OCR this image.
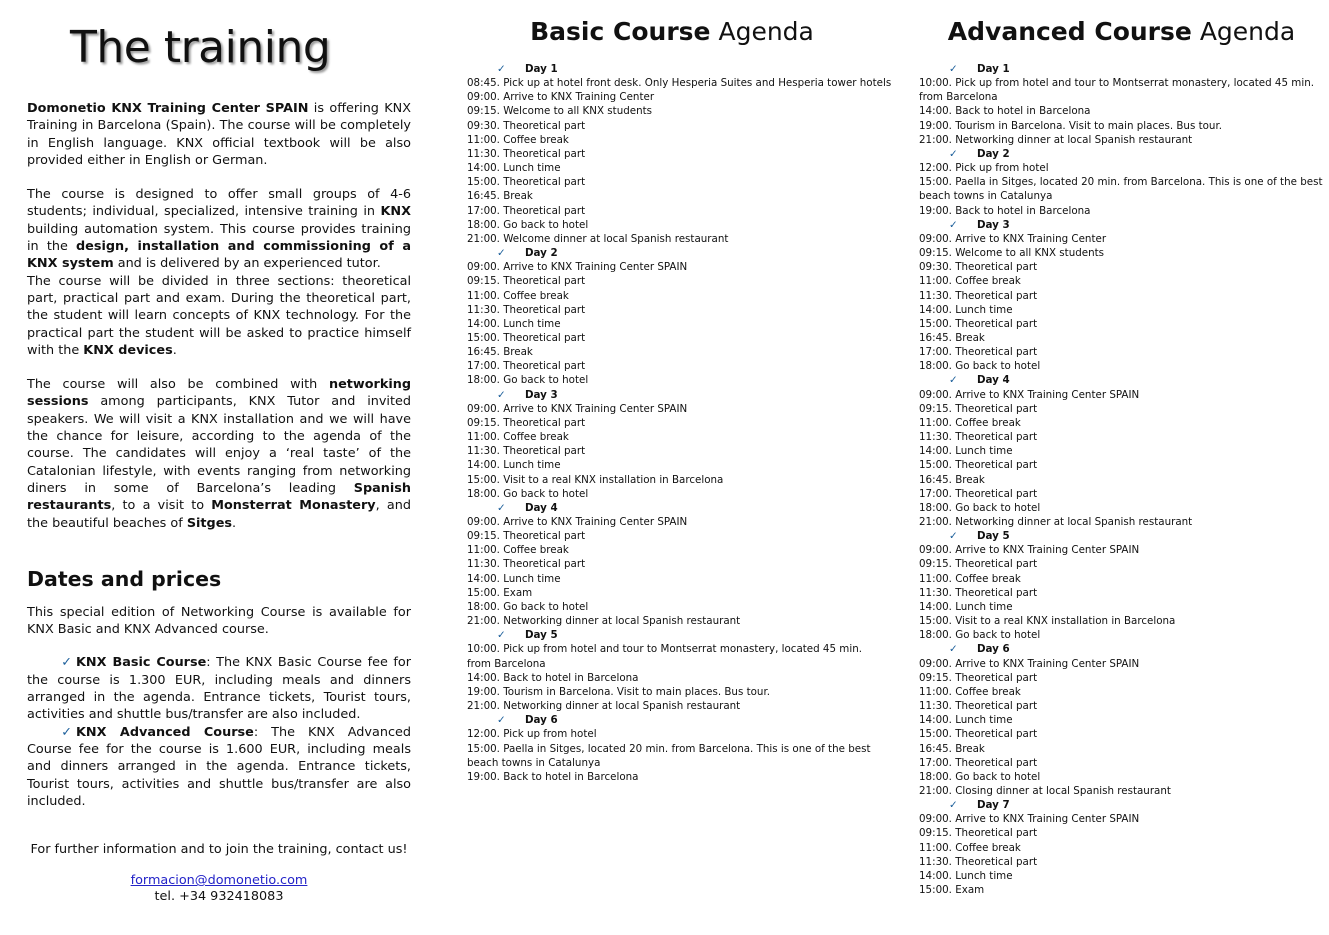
The training

Domonetio KNX Training Center SPAIN is offering KNX Training in Barcelona (Spain). The course will be completely in English language. KNX official textbook will be also provided either in English or German.

The course is designed to offer small groups of 4-6 students; individual, specialized, intensive training in KNX building automation system. This course provides training in the design, installation and commissioning of a KNX system and is delivered by an experienced tutor.

The course will be divided in three sections: theoretical part, practical part and exam. During the theoretical part, the student will learn concepts of KNX technology. For the practical part the student will be asked to practice himself with the KNX devices.

The course will also be combined with networking sessions among participants, KNX Tutor and invited speakers. We will visit a KNX installation and we will have the chance for leisure, according to the agenda of the course. The candidates will enjoy a ‘real taste’ of the Catalonian lifestyle, with events ranging from networking diners in some of Barcelona’s leading Spanish restaurants, to a visit to Monsterrat Monastery, and the beautiful beaches of Sitges.

Dates and prices
This special edition of Networking Course is available for KNX Basic and KNX Advanced course.
✓ KNX Basic Course: The KNX Basic Course fee for the course is 1.300 EUR, including meals and dinners arranged in the agenda. Entrance tickets, Tourist tours, activities and shuttle bus/transfer are also included.
✓ KNX Advanced Course: The KNX Advanced Course fee for the course is 1.600 EUR, including meals and dinners arranged in the agenda. Entrance tickets, Tourist tours, activities and shuttle bus/transfer are also included.
For further information and to join the training, contact us!
formacion@domonetio.com
tel. +34 932418083
Basic Course Agenda
✓ Day 1
08:45. Pick up at hotel front desk. Only Hesperia Suites and Hesperia tower hotels
09:00. Arrive to KNX Training Center
09:15. Welcome to all KNX students
09:30. Theoretical part
11:00. Coffee break
11:30. Theoretical part
14:00. Lunch time
15:00. Theoretical part
16:45. Break
17:00. Theoretical part
18:00. Go back to hotel
21:00. Welcome dinner at local Spanish restaurant
✓ Day 2
09:00. Arrive to KNX Training Center SPAIN
09:15. Theoretical part
11:00. Coffee break
11:30. Theoretical part
14:00. Lunch time
15:00. Theoretical part
16:45. Break
17:00. Theoretical part
18:00. Go back to hotel
✓ Day 3
09:00. Arrive to KNX Training Center SPAIN
09:15. Theoretical part
11:00. Coffee break
11:30. Theoretical part
14:00. Lunch time
15:00. Visit to a real KNX installation in Barcelona
18:00. Go back to hotel
✓ Day 4
09:00. Arrive to KNX Training Center SPAIN
09:15. Theoretical part
11:00. Coffee break
11:30. Theoretical part
14:00. Lunch time
15:00. Exam
18:00. Go back to hotel
21:00. Networking dinner at local Spanish restaurant
✓ Day 5
10:00. Pick up from hotel and tour to Montserrat monastery, located 45 min. from Barcelona
14:00. Back to hotel in Barcelona
19:00. Tourism in Barcelona. Visit to main places. Bus tour.
21:00. Networking dinner at local Spanish restaurant
✓ Day 6
12:00. Pick up from hotel
15:00. Paella in Sitges, located 20 min. from Barcelona. This is one of the best beach towns in Catalunya
19:00. Back to hotel in Barcelona
Advanced Course Agenda
✓ Day 1
10:00. Pick up from hotel and tour to Montserrat monastery, located 45 min. from Barcelona
14:00. Back to hotel in Barcelona
19:00. Tourism in Barcelona. Visit to main places. Bus tour.
21:00. Networking dinner at local Spanish restaurant
✓ Day 2
12:00. Pick up from hotel
15:00. Paella in Sitges, located 20 min. from Barcelona. This is one of the best beach towns in Catalunya
19:00. Back to hotel in Barcelona
✓ Day 3
09:00. Arrive to KNX Training Center
09:15. Welcome to all KNX students
09:30. Theoretical part
11:00. Coffee break
11:30. Theoretical part
14:00. Lunch time
15:00. Theoretical part
16:45. Break
17:00. Theoretical part
18:00. Go back to hotel
✓ Day 4
09:00. Arrive to KNX Training Center SPAIN
09:15. Theoretical part
11:00. Coffee break
11:30. Theoretical part
14:00. Lunch time
15:00. Theoretical part
16:45. Break
17:00. Theoretical part
18:00. Go back to hotel
21:00. Networking dinner at local Spanish restaurant
✓ Day 5
09:00. Arrive to KNX Training Center SPAIN
09:15. Theoretical part
11:00. Coffee break
11:30. Theoretical part
14:00. Lunch time
15:00. Visit to a real KNX installation in Barcelona
18:00. Go back to hotel
✓ Day 6
09:00. Arrive to KNX Training Center SPAIN
09:15. Theoretical part
11:00. Coffee break
11:30. Theoretical part
14:00. Lunch time
15:00. Theoretical part
16:45. Break
17:00. Theoretical part
18:00. Go back to hotel
21:00. Closing dinner at local Spanish restaurant
✓ Day 7
09:00. Arrive to KNX Training Center SPAIN
09:15. Theoretical part
11:00. Coffee break
11:30. Theoretical part
14:00. Lunch time
15:00. Exam
